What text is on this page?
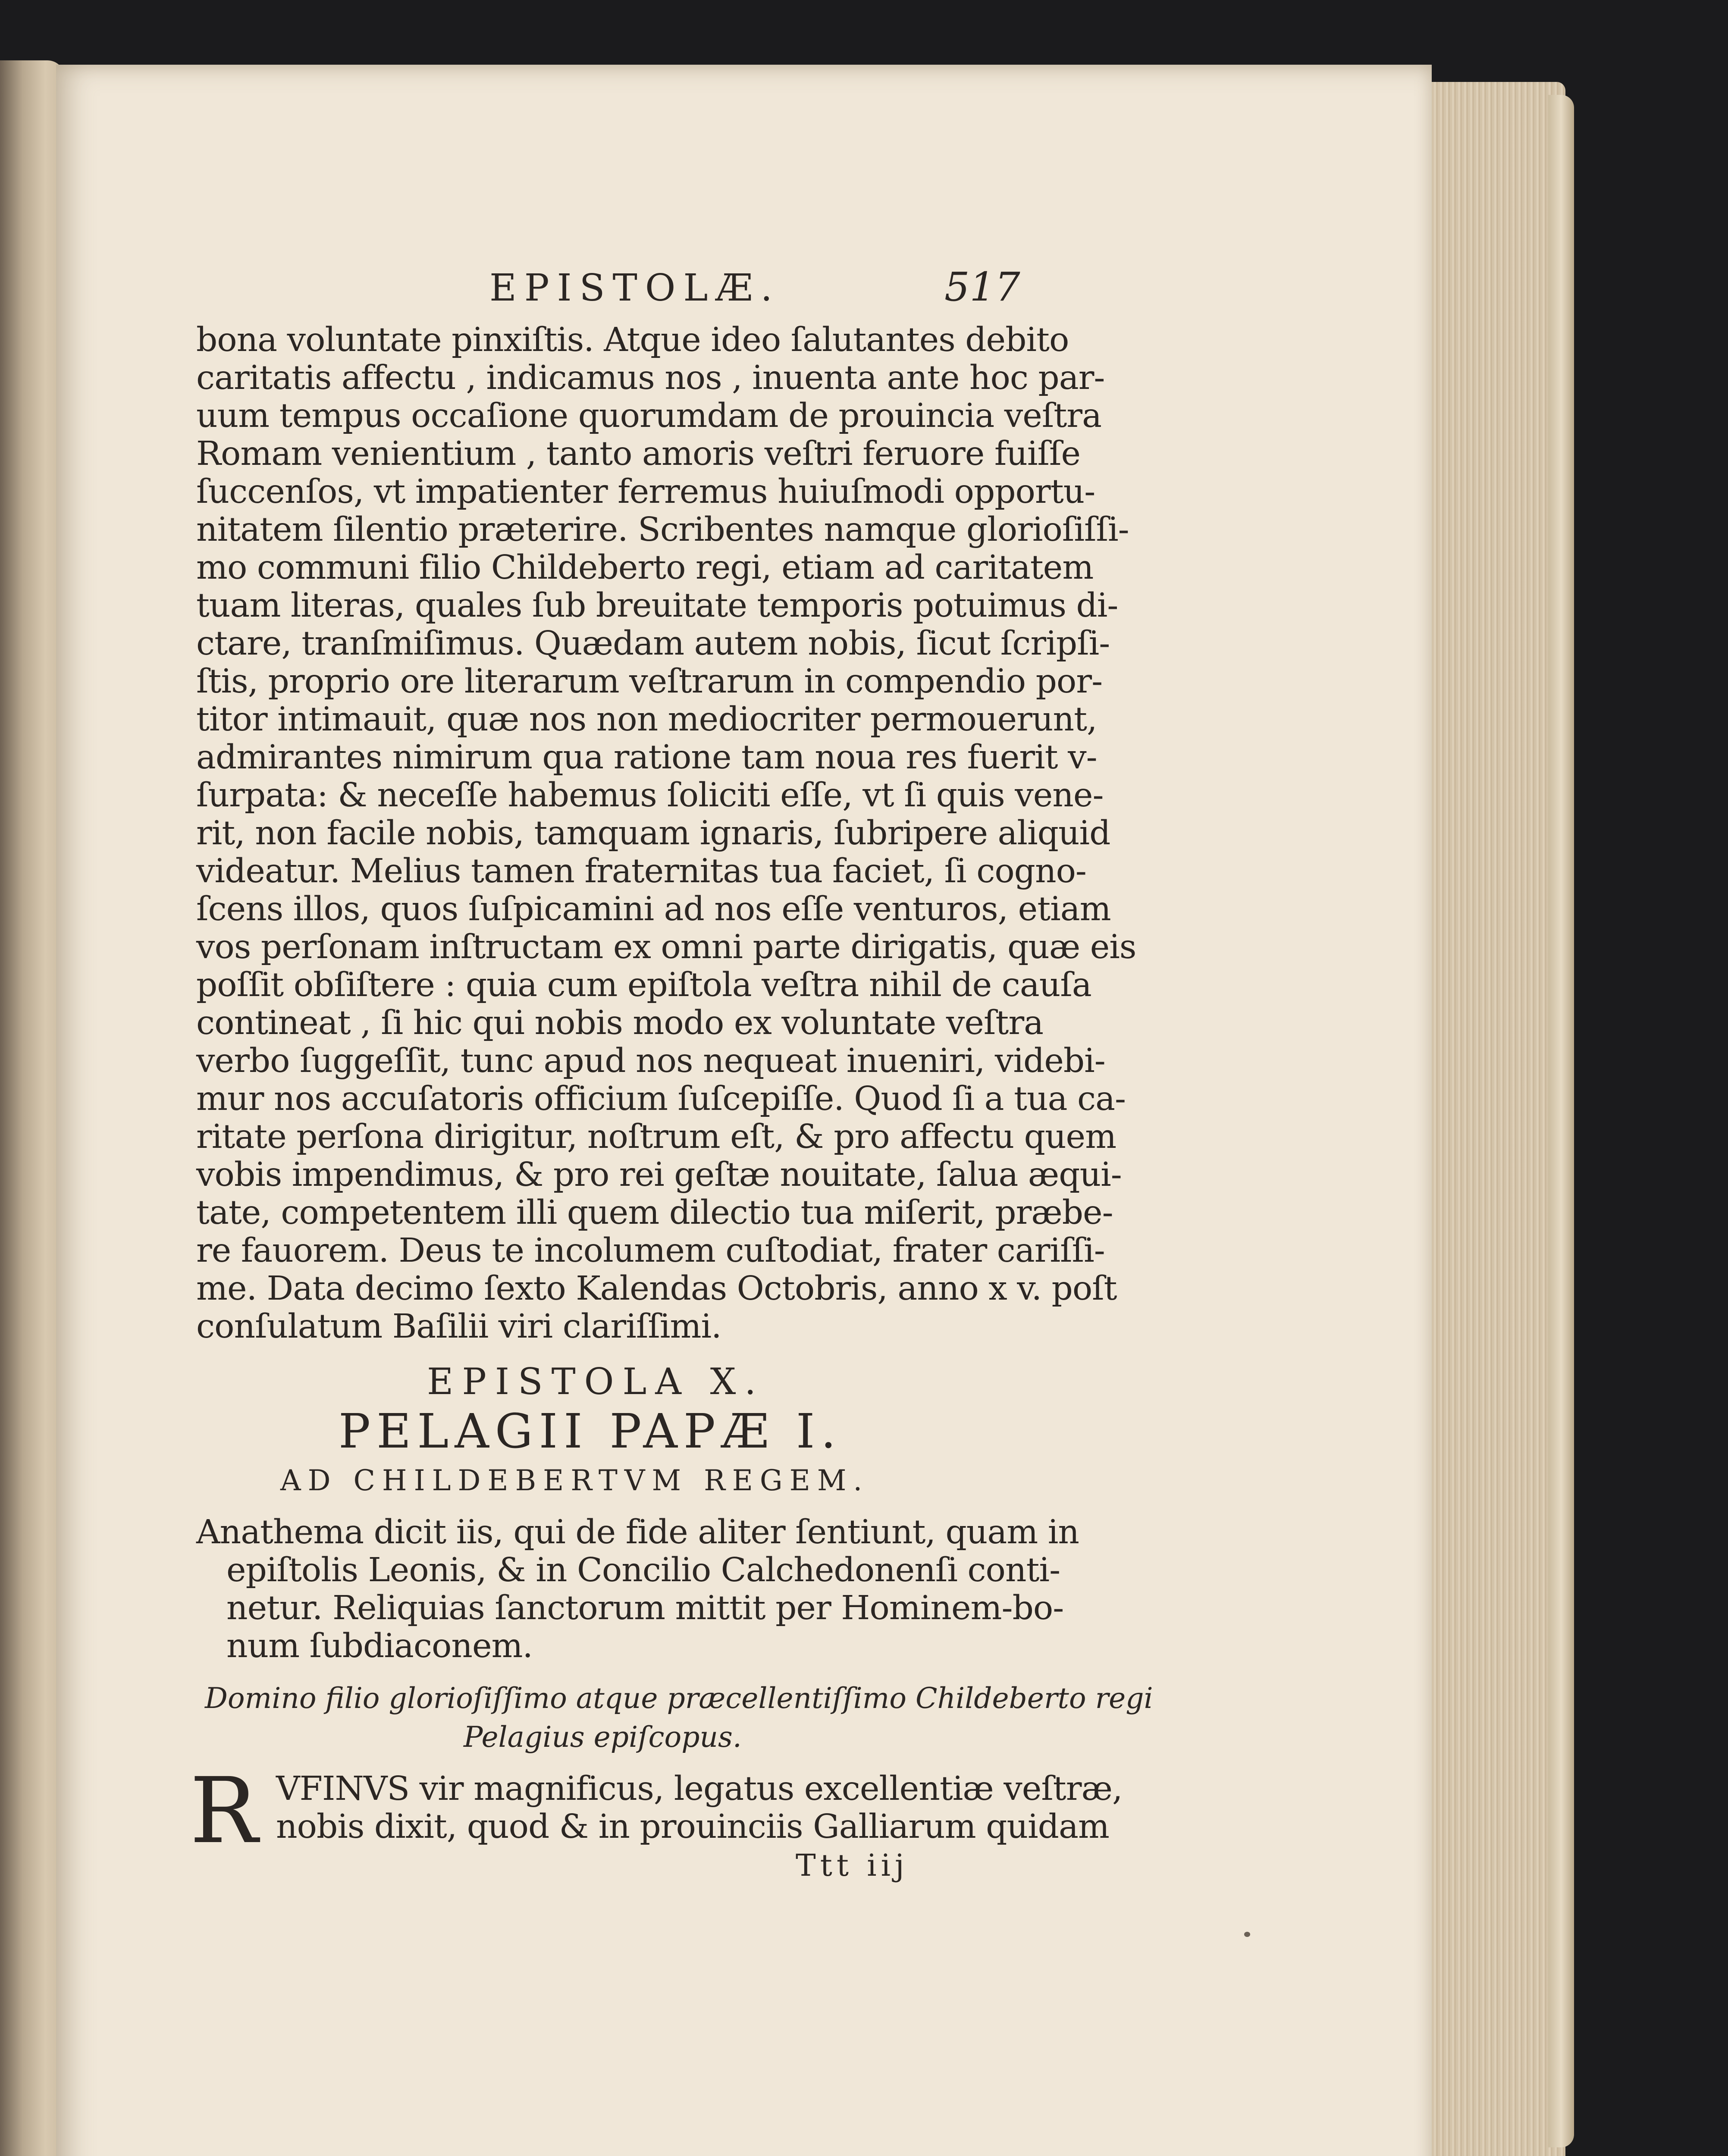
EPISTOLÆ.	517
bona voluntate pinxiſtis. Atque ideo ſalutantes debito
caritatis affectu , indicamus nos , inuenta ante hoc par-
uum tempus occaſione quorumdam de prouincia veſtra
Romam venientium , tanto amoris veſtri feruore fuiſſe
ſuccenſos, vt impatienter ferremus huiuſmodi opportu-
nitatem ſilentio præterire. Scribentes namque glorioſiſſi-
mo communi filio Childeberto regi, etiam ad caritatem
tuam literas, quales ſub breuitate temporis potuimus di-
ctare, tranſmiſimus. Quædam autem nobis, ſicut ſcripſi-
ſtis, proprio ore literarum veſtrarum in compendio por-
titor intimauit, quæ nos non mediocriter permouerunt,
admirantes nimirum qua ratione tam noua res fuerit v-
ſurpata: & neceſſe habemus ſoliciti eſſe, vt ſi quis vene-
rit, non facile nobis, tamquam ignaris, ſubripere aliquid
videatur. Melius tamen fraternitas tua faciet, ſi cogno-
ſcens illos, quos ſuſpicamini ad nos eſſe venturos, etiam
vos perſonam inſtructam ex omni parte dirigatis, quæ eis
poſſit obſiſtere : quia cum epiſtola veſtra nihil de cauſa
contineat , ſi hic qui nobis modo ex voluntate veſtra
verbo ſuggeſſit, tunc apud nos nequeat inueniri, videbi-
mur nos accuſatoris officium ſuſcepiſſe. Quod ſi a tua ca-
ritate perſona dirigitur, noſtrum eſt, & pro affectu quem
vobis impendimus, & pro rei geſtæ nouitate, ſalua æqui-
tate, competentem illi quem dilectio tua miſerit, præbe-
re fauorem. Deus te incolumem cuſtodiat, frater cariſſi-
me. Data decimo ſexto Kalendas Octobris, anno x v. poſt
conſulatum Baſilii viri clariſſimi.
EPISTOLA X.
PELAGII PAPÆ I.
AD CHILDEBERTVM REGEM.
Anathema dicit iis, qui de fide aliter ſentiunt, quam in
epiſtolis Leonis, & in Concilio Calchedonenſi conti-
netur. Reliquias ſanctorum mittit per Hominem-bo-
num ſubdiaconem.
Domino filio glorioſiſſimo atque præcellentiſſimo Childeberto regi
Pelagius epiſcopus.
R VFINVS vir magnificus, legatus excellentiæ veſtræ,
nobis dixit, quod & in prouinciis Galliarum quidam
Ttt iij
